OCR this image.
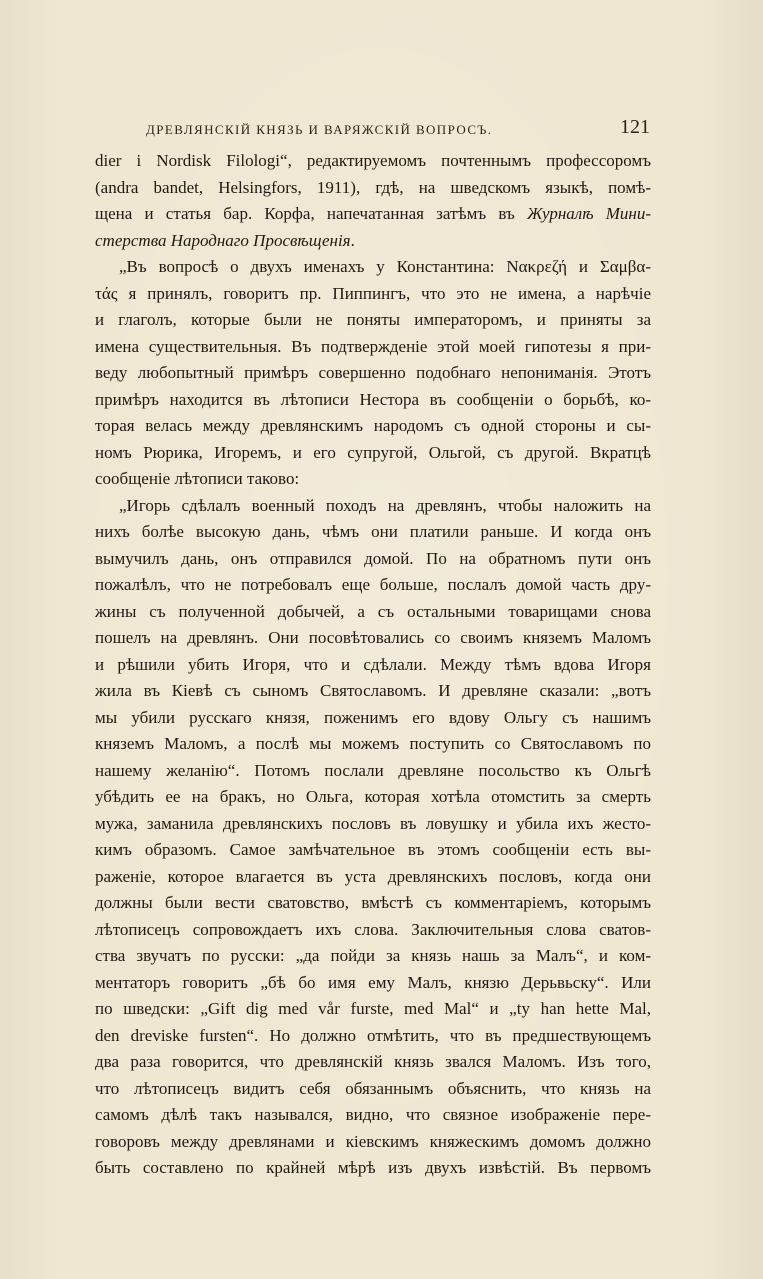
ДРЕВЛЯНСКІЙ КНЯЗЬ И ВАРЯЖСКІЙ ВОПРОСЪ.	121
dier i Nordisk Filologi“, редактируемомъ почтеннымъ профессоромъ
(andra bandet, Helsingfors, 1911), гдѣ, на шведскомъ языкѣ, помѣ-
щена и статья бар. Корфа, напечатанная затѣмъ въ Журналѣ Мини-
стерства Народнаго Просвѣщенія.
„Въ вопросѣ о двухъ именахъ у Константина: Νακρεζή и Σαμβα-
τάς я принялъ, говоритъ пр. Пиппингъ, что это не имена, а нарѣчіе
и глаголъ, которые были не поняты императоромъ, и приняты за
имена существительныя. Въ подтвержденіе этой моей гипотезы я при-
веду любопытный примѣръ совершенно подобнаго непониманія. Этотъ
примѣръ находится въ лѣтописи Нестора въ сообщеніи о борьбѣ, ко-
торая велась между древлянскимъ народомъ съ одной стороны и сы-
номъ Рюрика, Игоремъ, и его супругой, Ольгой, съ другой. Вкратцѣ
сообщеніе лѣтописи таково:
„Игорь сдѣлалъ военный походъ на древлянъ, чтобы наложить на
нихъ болѣе высокую дань, чѣмъ они платили раньше. И когда онъ
вымучилъ дань, онъ отправился домой. По на обратномъ пути онъ
пожалѣлъ, что не потребовалъ еще больше, послалъ домой часть дру-
жины съ полученной добычей, а съ остальными товарищами снова
пошелъ на древлянъ. Они посовѣтовались со своимъ княземъ Маломъ
и рѣшили убить Игоря, что и сдѣлали. Между тѣмъ вдова Игоря
жила въ Кіевѣ съ сыномъ Святославомъ. И древляне сказали: „вотъ
мы убили русскаго князя, поженимъ его вдову Ольгу съ нашимъ
княземъ Маломъ, а послѣ мы можемъ поступить со Святославомъ по
нашему желанію“. Потомъ послали древляне посольство къ Ольгѣ
убѣдить ее на бракъ, но Ольга, которая хотѣла отомстить за смерть
мужа, заманила древлянскихъ пословъ въ ловушку и убила ихъ жесто-
кимъ образомъ. Самое замѣчательное въ этомъ сообщеніи есть вы-
раженіе, которое влагается въ уста древлянскихъ пословъ, когда они
должны были вести сватовство, вмѣстѣ съ комментаріемъ, которымъ
лѣтописецъ сопровождаетъ ихъ слова. Заключительныя слова сватов-
ства звучатъ по русски: „да пойди за князь нашь за Малъ“, и ком-
ментаторъ говоритъ „бѣ бо имя ему Малъ, князю Дерьвьску“. Или
по шведски: „Gift dig med vår furste, med Mal“ и „ty han hette Mal,
den dreviske fursten“. Но должно отмѣтить, что въ предшествующемъ
два раза говорится, что древлянскій князь звался Маломъ. Изъ того,
что лѣтописецъ видитъ себя обязаннымъ объяснить, что князь на
самомъ дѣлѣ такъ назывался, видно, что связное изображеніе пере-
говоровъ между древлянами и кіевскимъ княжескимъ домомъ должно
быть составлено по крайней мѣрѣ изъ двухъ извѣстій. Въ первомъ
